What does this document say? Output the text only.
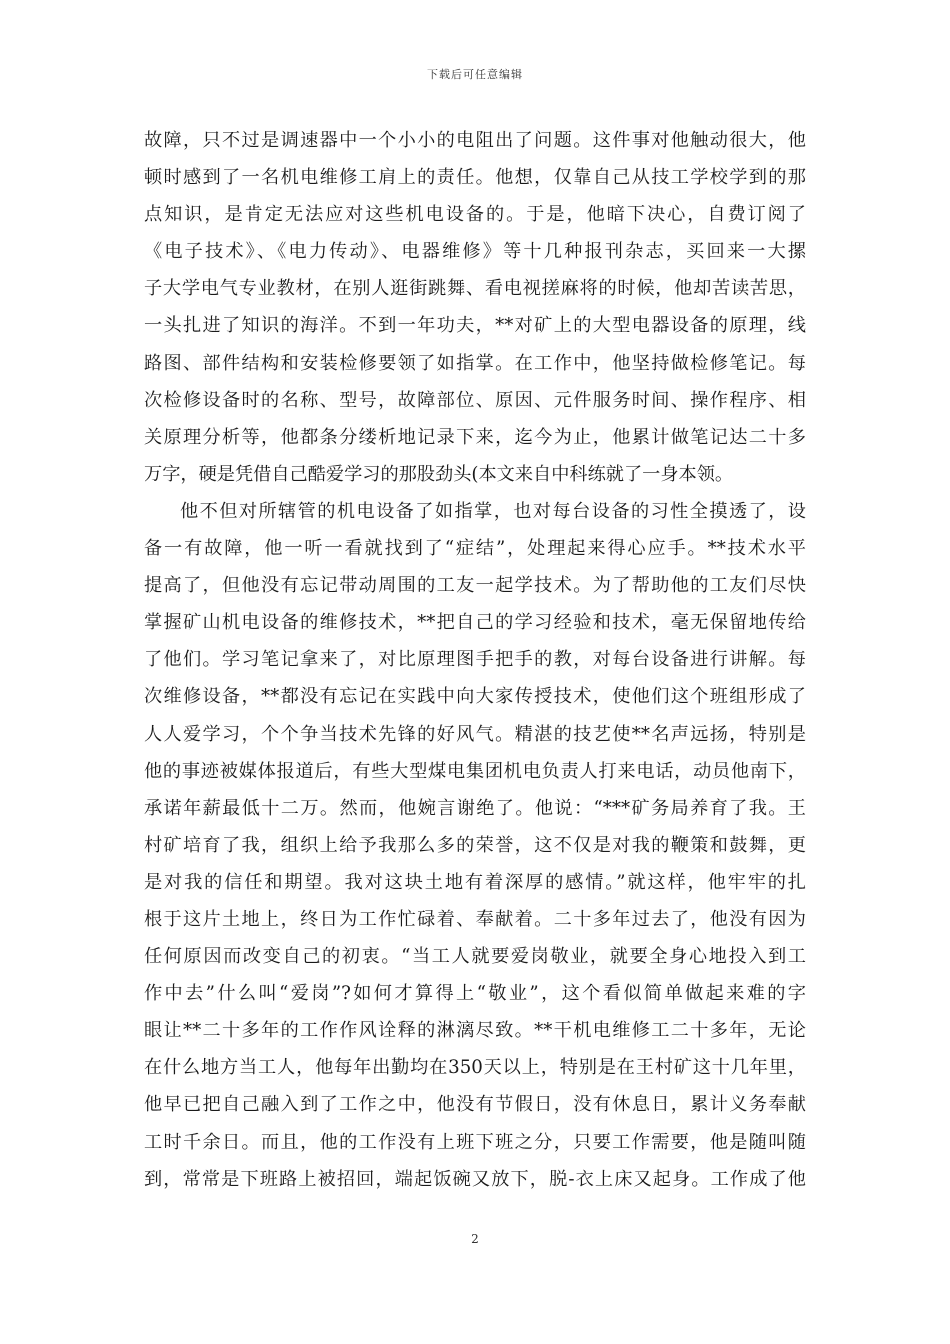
下载后可任意编辑
故障，只不过是调速器中一个小小的电阻出了问题。这件事对他触动很大，他
顿时感到了一名机电维修工肩上的责任。他想，仅靠自己从技工学校学到的那
点知识，是肯定无法应对这些机电设备的。于是，他暗下决心，自费订阅了
《电子技术》、《电力传动》、电器维修》等十几种报刊杂志，买回来一大摞
子大学电气专业教材，在别人逛街跳舞、看电视搓麻将的时候，他却苦读苦思，
一头扎进了知识的海洋。不到一年功夫，**对矿上的大型电器设备的原理，线
路图、部件结构和安装检修要领了如指掌。在工作中，他坚持做检修笔记。每
次检修设备时的名称、型号，故障部位、原因、元件服务时间、操作程序、相
关原理分析等，他都条分缕析地记录下来，迄今为止，他累计做笔记达二十多
万字，硬是凭借自己酷爱学习的那股劲头(本文来自中科练就了一身本领。
他不但对所辖管的机电设备了如指掌，也对每台设备的习性全摸透了，设
备一有故障，他一听一看就找到了“症结”，处理起来得心应手。**技术水平
提高了，但他没有忘记带动周围的工友一起学技术。为了帮助他的工友们尽快
掌握矿山机电设备的维修技术，**把自己的学习经验和技术，毫无保留地传给
了他们。学习笔记拿来了，对比原理图手把手的教，对每台设备进行讲解。每
次维修设备，**都没有忘记在实践中向大家传授技术，使他们这个班组形成了
人人爱学习，个个争当技术先锋的好风气。精湛的技艺使**名声远扬，特别是
他的事迹被媒体报道后，有些大型煤电集团机电负责人打来电话，动员他南下，
承诺年薪最低十二万。然而，他婉言谢绝了。他说：“***矿务局养育了我。王
村矿培育了我，组织上给予我那么多的荣誉，这不仅是对我的鞭策和鼓舞，更
是对我的信任和期望。我对这块土地有着深厚的感情。”就这样，他牢牢的扎
根于这片土地上，终日为工作忙碌着、奉献着。二十多年过去了，他没有因为
任何原因而改变自己的初衷。“当工人就要爱岗敬业，就要全身心地投入到工
作中去”什么叫“爱岗”?如何才算得上“敬业”，这个看似简单做起来难的字
眼让**二十多年的工作作风诠释的淋漓尽致。**干机电维修工二十多年，无论
在什么地方当工人，他每年出勤均在350天以上，特别是在王村矿这十几年里，
他早已把自己融入到了工作之中，他没有节假日，没有休息日，累计义务奉献
工时千余日。而且，他的工作没有上班下班之分，只要工作需要，他是随叫随
到，常常是下班路上被招回，端起饭碗又放下，脱-衣上床又起身。工作成了他
2
